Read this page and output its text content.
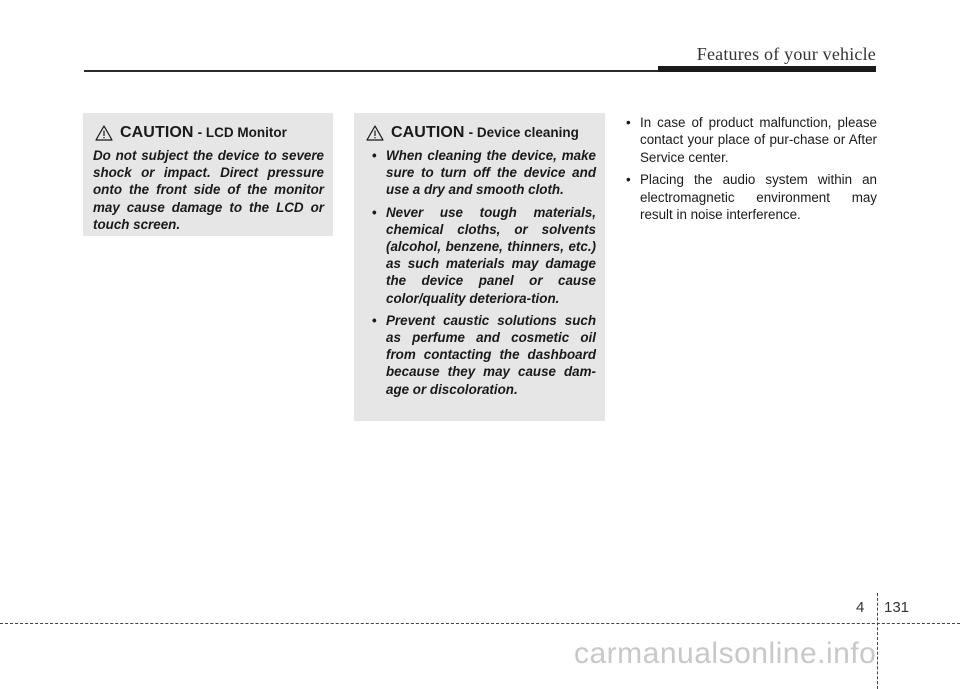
Features of your vehicle
CAUTION - LCD Monitor

Do not subject the device to severe shock or impact. Direct pressure onto the front side of the monitor may cause damage to the LCD or touch screen.

CAUTION - Device cleaning
• When cleaning the device, make sure to turn off the device and use a dry and smooth cloth.
• Never use tough materials, chemical cloths, or solvents (alcohol, benzene, thinners, etc.) as such materials may damage the device panel or cause color/quality deteriora-tion.
• Prevent caustic solutions such as perfume and cosmetic oil from contacting the dashboard because they may cause dam-age or discoloration.
• In case of product malfunction, please contact your place of pur-chase or After Service center.
• Placing the audio system within an electromagnetic environment may result in noise interference.
4 131
carmanualsonline.info
